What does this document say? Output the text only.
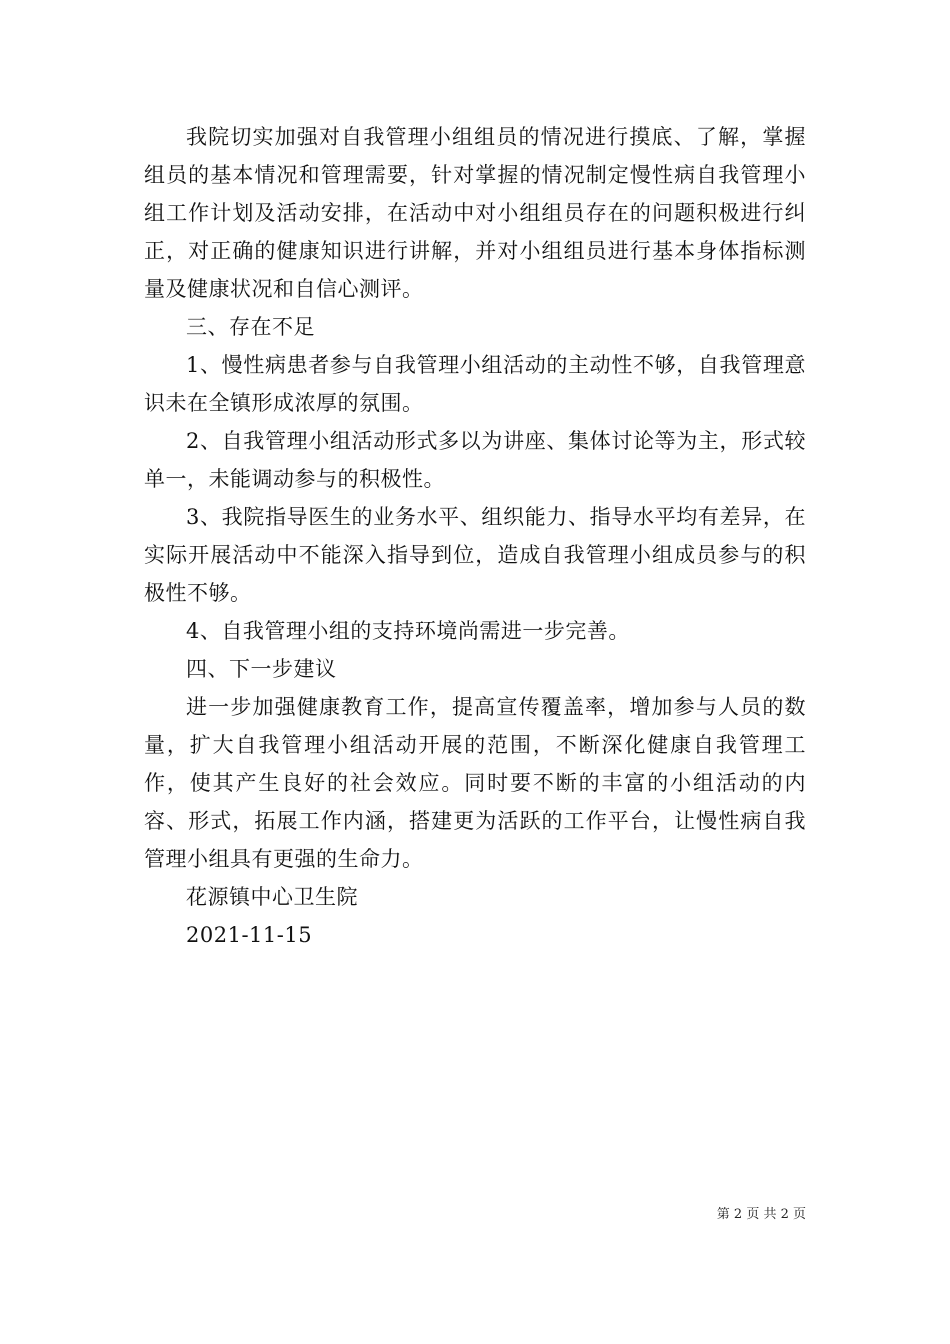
我院切实加强对自我管理小组组员的情况进行摸底、了解，掌握组员的基本情况和管理需要，针对掌握的情况制定慢性病自我管理小组工作计划及活动安排，在活动中对小组组员存在的问题积极进行纠正，对正确的健康知识进行讲解，并对小组组员进行基本身体指标测量及健康状况和自信心测评。

三、存在不足

1、慢性病患者参与自我管理小组活动的主动性不够，自我管理意识未在全镇形成浓厚的氛围。

2、自我管理小组活动形式多以为讲座、集体讨论等为主，形式较单一，未能调动参与的积极性。

3、我院指导医生的业务水平、组织能力、指导水平均有差异，在实际开展活动中不能深入指导到位，造成自我管理小组成员参与的积极性不够。

4、自我管理小组的支持环境尚需进一步完善。

四、下一步建议

进一步加强健康教育工作，提高宣传覆盖率，增加参与人员的数量，扩大自我管理小组活动开展的范围，不断深化健康自我管理工作，使其产生良好的社会效应。同时要不断的丰富的小组活动的内容、形式，拓展工作内涵，搭建更为活跃的工作平台，让慢性病自我管理小组具有更强的生命力。

花源镇中心卫生院

2021-11-15

第 2 页 共 2 页
